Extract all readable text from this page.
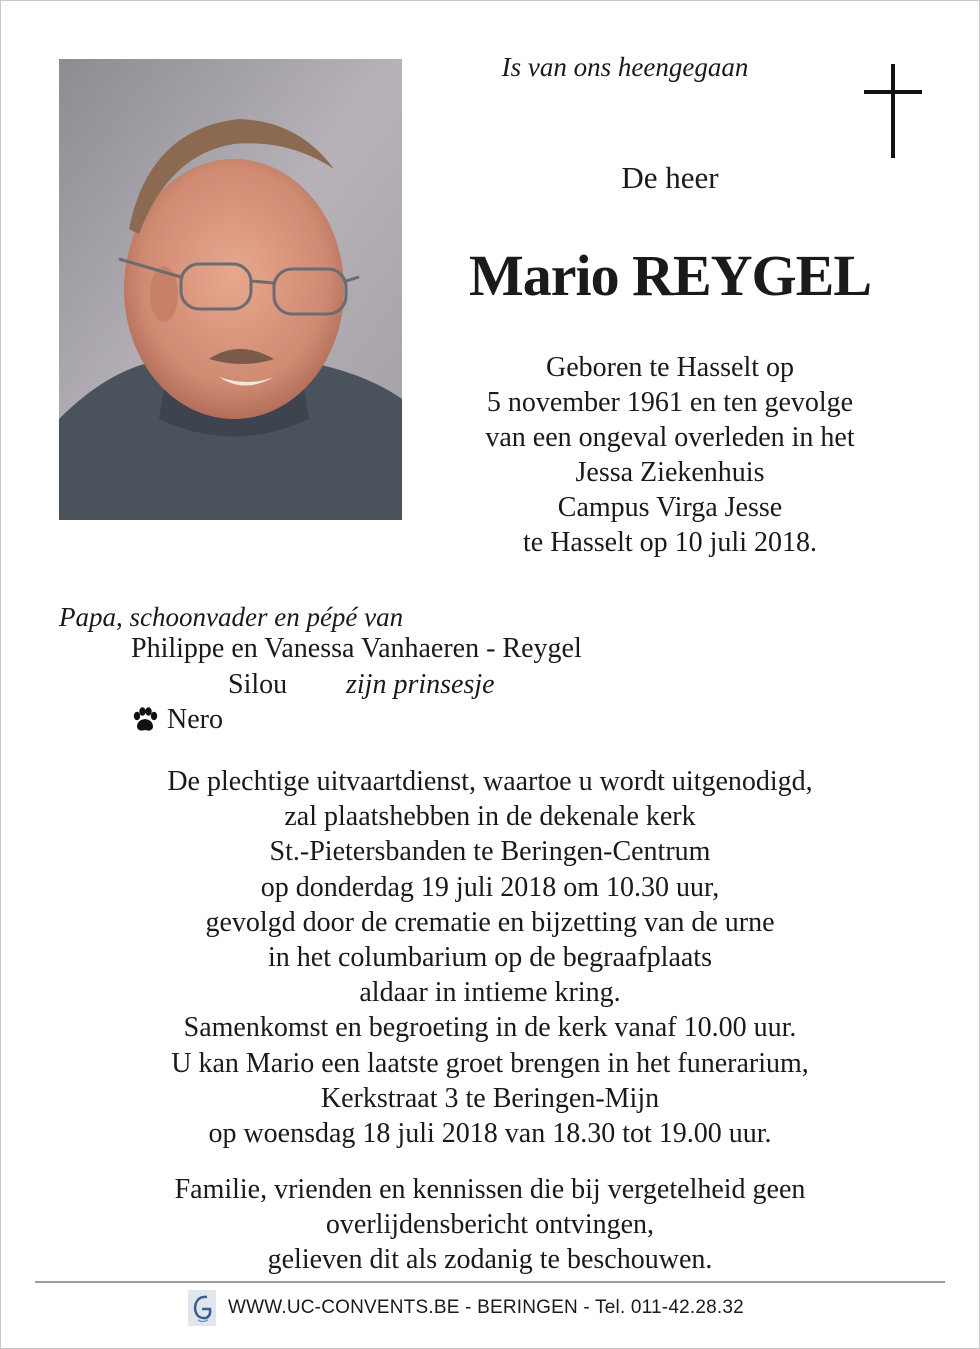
Is van ons heengegaan
De heer
Mario REYGEL
Geboren te Hasselt op
5 november 1961 en ten gevolge
van een ongeval overleden in het
Jessa Ziekenhuis
Campus Virga Jesse
te Hasselt op 10 juli 2018.
Papa, schoonvader en pépé van
Philippe en Vanessa Vanhaeren - Reygel
Silou zijn prinsesje
Nero
De plechtige uitvaartdienst, waartoe u wordt uitgenodigd,
zal plaatshebben in de dekenale kerk
St.-Pietersbanden te Beringen-Centrum
op donderdag 19 juli 2018 om 10.30 uur,
gevolgd door de crematie en bijzetting van de urne
in het columbarium op de begraafplaats
aldaar in intieme kring.
Samenkomst en begroeting in de kerk vanaf 10.00 uur.
U kan Mario een laatste groet brengen in het funerarium,
Kerkstraat 3 te Beringen-Mijn
op woensdag 18 juli 2018 van 18.30 tot 19.00 uur.
Familie, vrienden en kennissen die bij vergetelheid geen
overlijdensbericht ontvingen,
gelieven dit als zodanig te beschouwen.
WWW.UC-CONVENTS.BE - BERINGEN - Tel. 011-42.28.32
